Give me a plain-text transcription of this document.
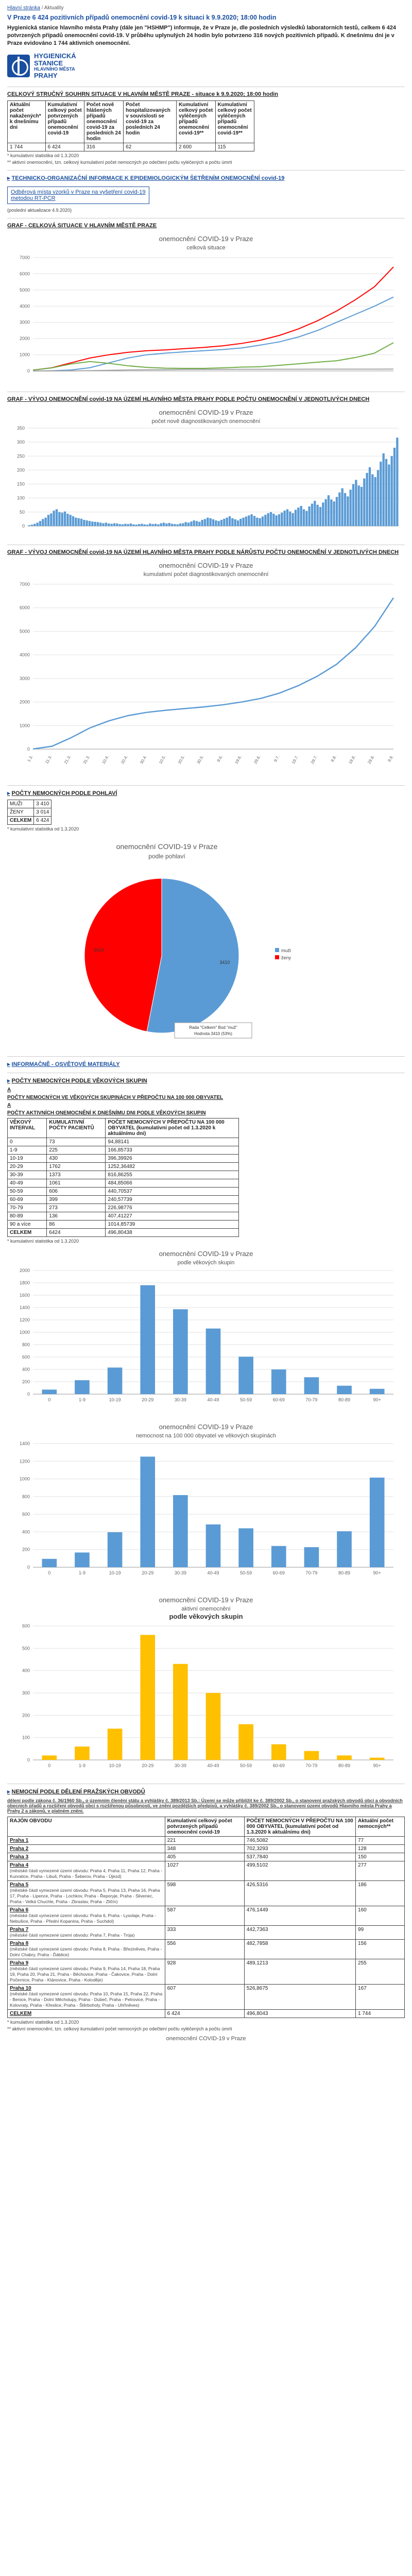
Hlavní stránka / Aktuality
V Praze 6 424 pozitivních případů onemocnění covid-19 k situaci k 9.9.2020; 18:00 hodin

Hygienická stanice hlavního města Prahy (dále jen "HSHMP") informuje, že v Praze je, dle posledních výsledků laboratorních testů, celkem 6 424 potvrzených případů onemocnění covid-19. V průběhu uplynulých 24 hodin bylo potvrzeno 316 nových pozitivních případů. K dnešnímu dni je v Praze evidováno 1 744 aktivních onemocnění.

HYGIENICKÁ
STANICE
HLAVNÍHO MĚSTA
PRAHY
CELKOVÝ STRUČNÝ SOUHRN SITUACE V HLAVNÍM MĚSTĚ PRAZE - situace k 9.9.2020; 18:00 hodin
Aktuální počet nakažených* k dnešnímu dni	Kumulativní celkový počet potvrzených případů onemocnění covid-19	Počet nově hlášených případů onemocnění covid-19 za posledních 24 hodin	Počet hospitalizovaných v souvislosti se covid-19 za posledních 24 hodin	Kumulativní celkový počet vyléčených případů onemocnění covid-19**	Kumulativní celkový počet vyléčených případů onemocnění covid-19**
1 744	6 424	316	62	2 600	115
* kumulativní statistika od 1.3.2020
** aktivní onemocnění, tzn. celkový kumulativní počet nemocných po odečtení počtu vyléčených a počtu úmrtí
▸ TECHNICKO-ORGANIZAČNÍ INFORMACE K EPIDEMIOLOGICKÝM ŠETŘENÍM ONEMOCNĚNÍ covid-19
Odběrová místa vzorků v Praze na vyšetření covid-19
metodou RT-PCR
(poslední aktualizace 4.9.2020)
GRAF - CELKOVÁ SITUACE V HLAVNÍM MĚSTĚ PRAZE
onemocnění COVID-19 v Praze
celková situace
0
1000
2000
3000
4000
5000
6000
7000
GRAF - VÝVOJ ONEMOCNĚNÍ covid-19 NA ÚZEMÍ HLAVNÍHO MĚSTA PRAHY PODLE POČTU ONEMOCNĚNÍ V JEDNOTLIVÝCH DNECH
onemocnění COVID-19 v Praze
počet nově diagnostikovaných onemocnění
0
50
100
150
200
250
300
350
GRAF - VÝVOJ ONEMOCNĚNÍ covid-19 NA ÚZEMÍ HLAVNÍHO MĚSTA PRAHY PODLE NÁRŮSTU POČTU ONEMOCNĚNÍ V JEDNOTLIVÝCH DNECH
onemocnění COVID-19 v Praze
kumulativní počet diagnostikovaných onemocnění
0
1000
2000
3000
4000
5000
6000
7000
1.3.	11.3.	21.3.	31.3.	10.4.	20.4.	30.4.	10.5.	20.5.	30.5.	9.6.	19.6.	29.6.	9.7.	19.7.	29.7.	8.8.	18.8.	28.8.	9.9.
▸ POČTY NEMOCNÝCH PODLE POHLAVÍ
MUŽI	3 410
ŽENY	3 014
CELKEM	6 424
* kumulativní statistika od 1.3.2020
onemocnění COVID-19 v Praze
podle pohlaví
3410
3014	muži
ženy
Rada "Celkem" Bod "muž"
Hodnota 3410 (53%)
▸ INFORMAČNĚ - OSVĚTOVÉ MATERIÁLY
▸ POČTY NEMOCNÝCH PODLE VĚKOVÝCH SKUPIN
A
POČTY NEMOCNÝCH VE VĚKOVÝCH SKUPINÁCH V PŘEPOČTU NA 100 000 OBYVATEL
A
POČTY AKTIVNÍCH ONEMOCNĚNÍ K DNEŠNÍMU DNI PODLE VĚKOVÝCH SKUPIN
VĚKOVÝ INTERVAL	KUMULATIVNÍ POČTY PACIENTŮ	POČET NEMOCNÝCH V PŘEPOČTU NA 100 000 OBYVATEL (kumulativní počet od 1.3.2020 k aktuálnímu dni)
0	73	94,88141
1-9	225	166,85733
10-19	430	396,39926
20-29	1762	1252,36482
30-39	1373	816,86255
40-49	1061	484,85066
50-59	606	440,70537
60-69	399	240,57739
70-79	273	226,98776
80-89	136	407,41227
90 a více	86	1014,85739
CELKEM	6424	496,80438
* kumulativní statistika od 1.3.2020
onemocnění COVID-19 v Praze
podle věkových skupin
0
200
400
600
800
1000
1200
1400
1600
1800
2000
0	1-9	10-19	20-29	30-39	40-49	50-59	60-69	70-79	80-89	90+
onemocnění COVID-19 v Praze
nemocnost na 100 000 obyvatel ve věkových skupinách
0
200
400
600
800
1000
1200
1400
0	1-9	10-19	20-29	30-39	40-49	50-59	60-69	70-79	80-89	90+
onemocnění COVID-19 v Praze
aktivní onemocnění
podle věkových skupin
0
100
200
300
400
500
600
0	1-9	10-19	20-29	30-39	40-49	50-59	60-69	70-79	80-89	90+
▸ NEMOCNÍ PODLE DĚLENÍ PRAŽSKÝCH OBVODŮ
dělení podle zákona č. 36/1960 Sb., o územním členění státu a vyhlášky č. 389/2013 Sb.: Území se může přiblížit ke č. 389/2002 Sb., o stanovení pražských obvodů obcí a obvodních obecních úřadů a rozšíření obvodů obcí s rozšířenou působností, ve znění pozdějších předpisů, a vyhlášky č. 389/2002 Sb., o stanovení území obvodů Hlavního města Prahy a Prahy 2 a zákonů, v platném znění.
RAJÓN OBVODU	Kumulativní celkový počet potvrzených případů onemocnění covid-19	POČET NEMOCNÝCH V PŘEPOČTU NA 100 000 OBYVATEL (kumulativní počet od 1.3.2020 k aktuálnímu dni)	Aktuální počet nemocných**
Praha 1	221	746,5082	77
Praha 2	348	702,3293	128
Praha 3	405	537,7840	150
Praha 4
(městské části vymezené území obvodu: Praha 4, Praha 11, Praha 12, Praha - Kunratice, Praha - Libuš, Praha - Šeberov, Praha - Újezd)	1027	499,5102	277
Praha 5
(městské části vymezené území obvodu: Praha 5, Praha 13, Praha 16, Praha 17, Praha - Lipence, Praha - Lochkov, Praha - Řeporyje, Praha - Slivenec, Praha - Velká Chuchle, Praha - Zbraslav, Praha - Zličín)	598	426,5316	186
Praha 6
(městské části vymezené území obvodu: Praha 6, Praha - Lysolaje, Praha - Nebušice, Praha - Přední Kopanina, Praha - Suchdol)	587	476,1449	160
Praha 7
(městské části vymezené území obvodu: Praha 7, Praha - Troja)	333	442,7363	99
Praha 8
(městské části vymezené území obvodu: Praha 8, Praha - Březiněves, Praha - Dolní Chabry, Praha - Ďáblice)	556	482,7858	156
Praha 9
(městské části vymezené území obvodu: Praha 9, Praha 14, Praha 18, Praha 19, Praha 20, Praha 21, Praha - Běchovice, Praha - Čakovice, Praha - Dolní Počernice, Praha - Klánovice, Praha - Koloděje)	928	489,1213	255
Praha 10
(městské části vymezené území obvodu: Praha 10, Praha 15, Praha 22, Praha - Benice, Praha - Dolní Měcholupy, Praha - Dubeč, Praha - Petrovice, Praha - Kolovraty, Praha - Křeslice, Praha - Štěrboholy, Praha - Uhříněves)	607	526,8675	167
CELKEM	6 424	496,8043	1 744
* kumulativní statistika od 1.3.2020
** aktivní onemocnění, tzn. celkový kumulativní počet nemocných po odečtení počtu vyléčených a počtu úmrtí
onemocnění COVID-19 v Praze
